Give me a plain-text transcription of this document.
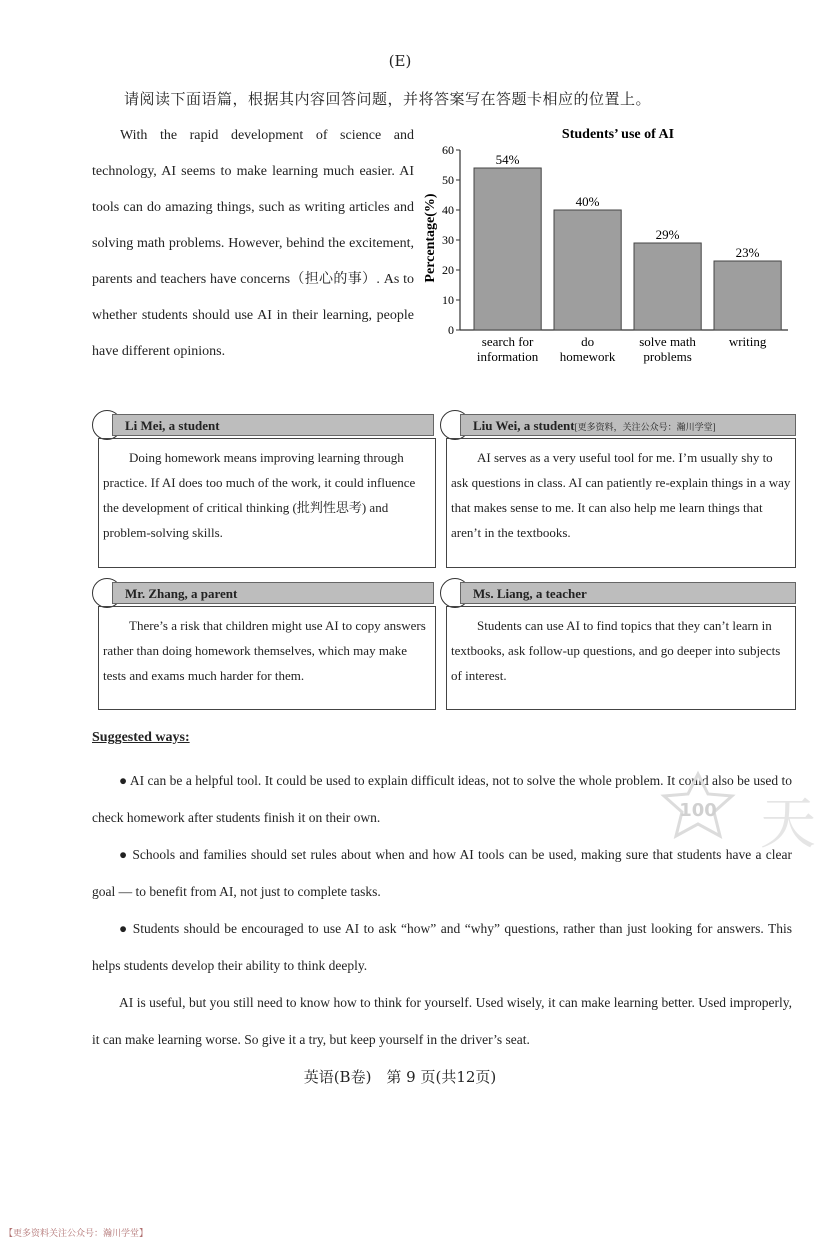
(E)
请阅读下面语篇，根据其内容回答问题，并将答案写在答题卡相应的位置上。

With the rapid development of science and technology, AI seems to make learning much easier. AI tools can do amazing things, such as writing articles and solving math problems. However, behind the excitement, parents and teachers have concerns（担心的事）. As to whether students should use AI in their learning, people have different opinions.

Students’ use of AI
Percentage(%)
0
10
20
30
40
50
60
54%
search for
information
40%
do
homework
29%
solve math
problems
23%
writing
Li Mei, a student

Doing homework means improving learning through practice. If AI does too much of the work, it could influence the development of critical thinking (批判性思考) and problem-solving skills.

Liu Wei, a student[更多资料，关注公众号：瀚川学堂]

AI serves as a very useful tool for me. I’m usually shy to ask questions in class. AI can patiently re-explain things in a way that makes sense to me. It can also help me learn things that aren’t in the textbooks.

Mr. Zhang, a parent

There’s a risk that children might use AI to copy answers rather than doing homework themselves, which may make tests and exams much harder for them.

Ms. Liang, a teacher

Students can use AI to find topics that they can’t learn in textbooks, ask follow-up questions, and go deeper into subjects of interest.

Suggested ways:

● AI can be a helpful tool. It could be used to explain difficult ideas, not to solve the whole problem. It could also be used to check homework after students finish it on their own.

● Schools and families should set rules about when and how AI tools can be used, making sure that students have a clear goal — to benefit from AI, not just to complete tasks.

● Students should be encouraged to use AI to ask “how” and “why” questions, rather than just looking for answers. This helps students develop their ability to think deeply.

AI is useful, but you still need to know how to think for yourself. Used wisely, it can make learning better. Used improperly, it can make learning worse. So give it a try, but keep yourself in the driver’s seat.

100 天
英语(B卷)　第 9 页(共12页)
【更多资料关注公众号：瀚川学堂】
